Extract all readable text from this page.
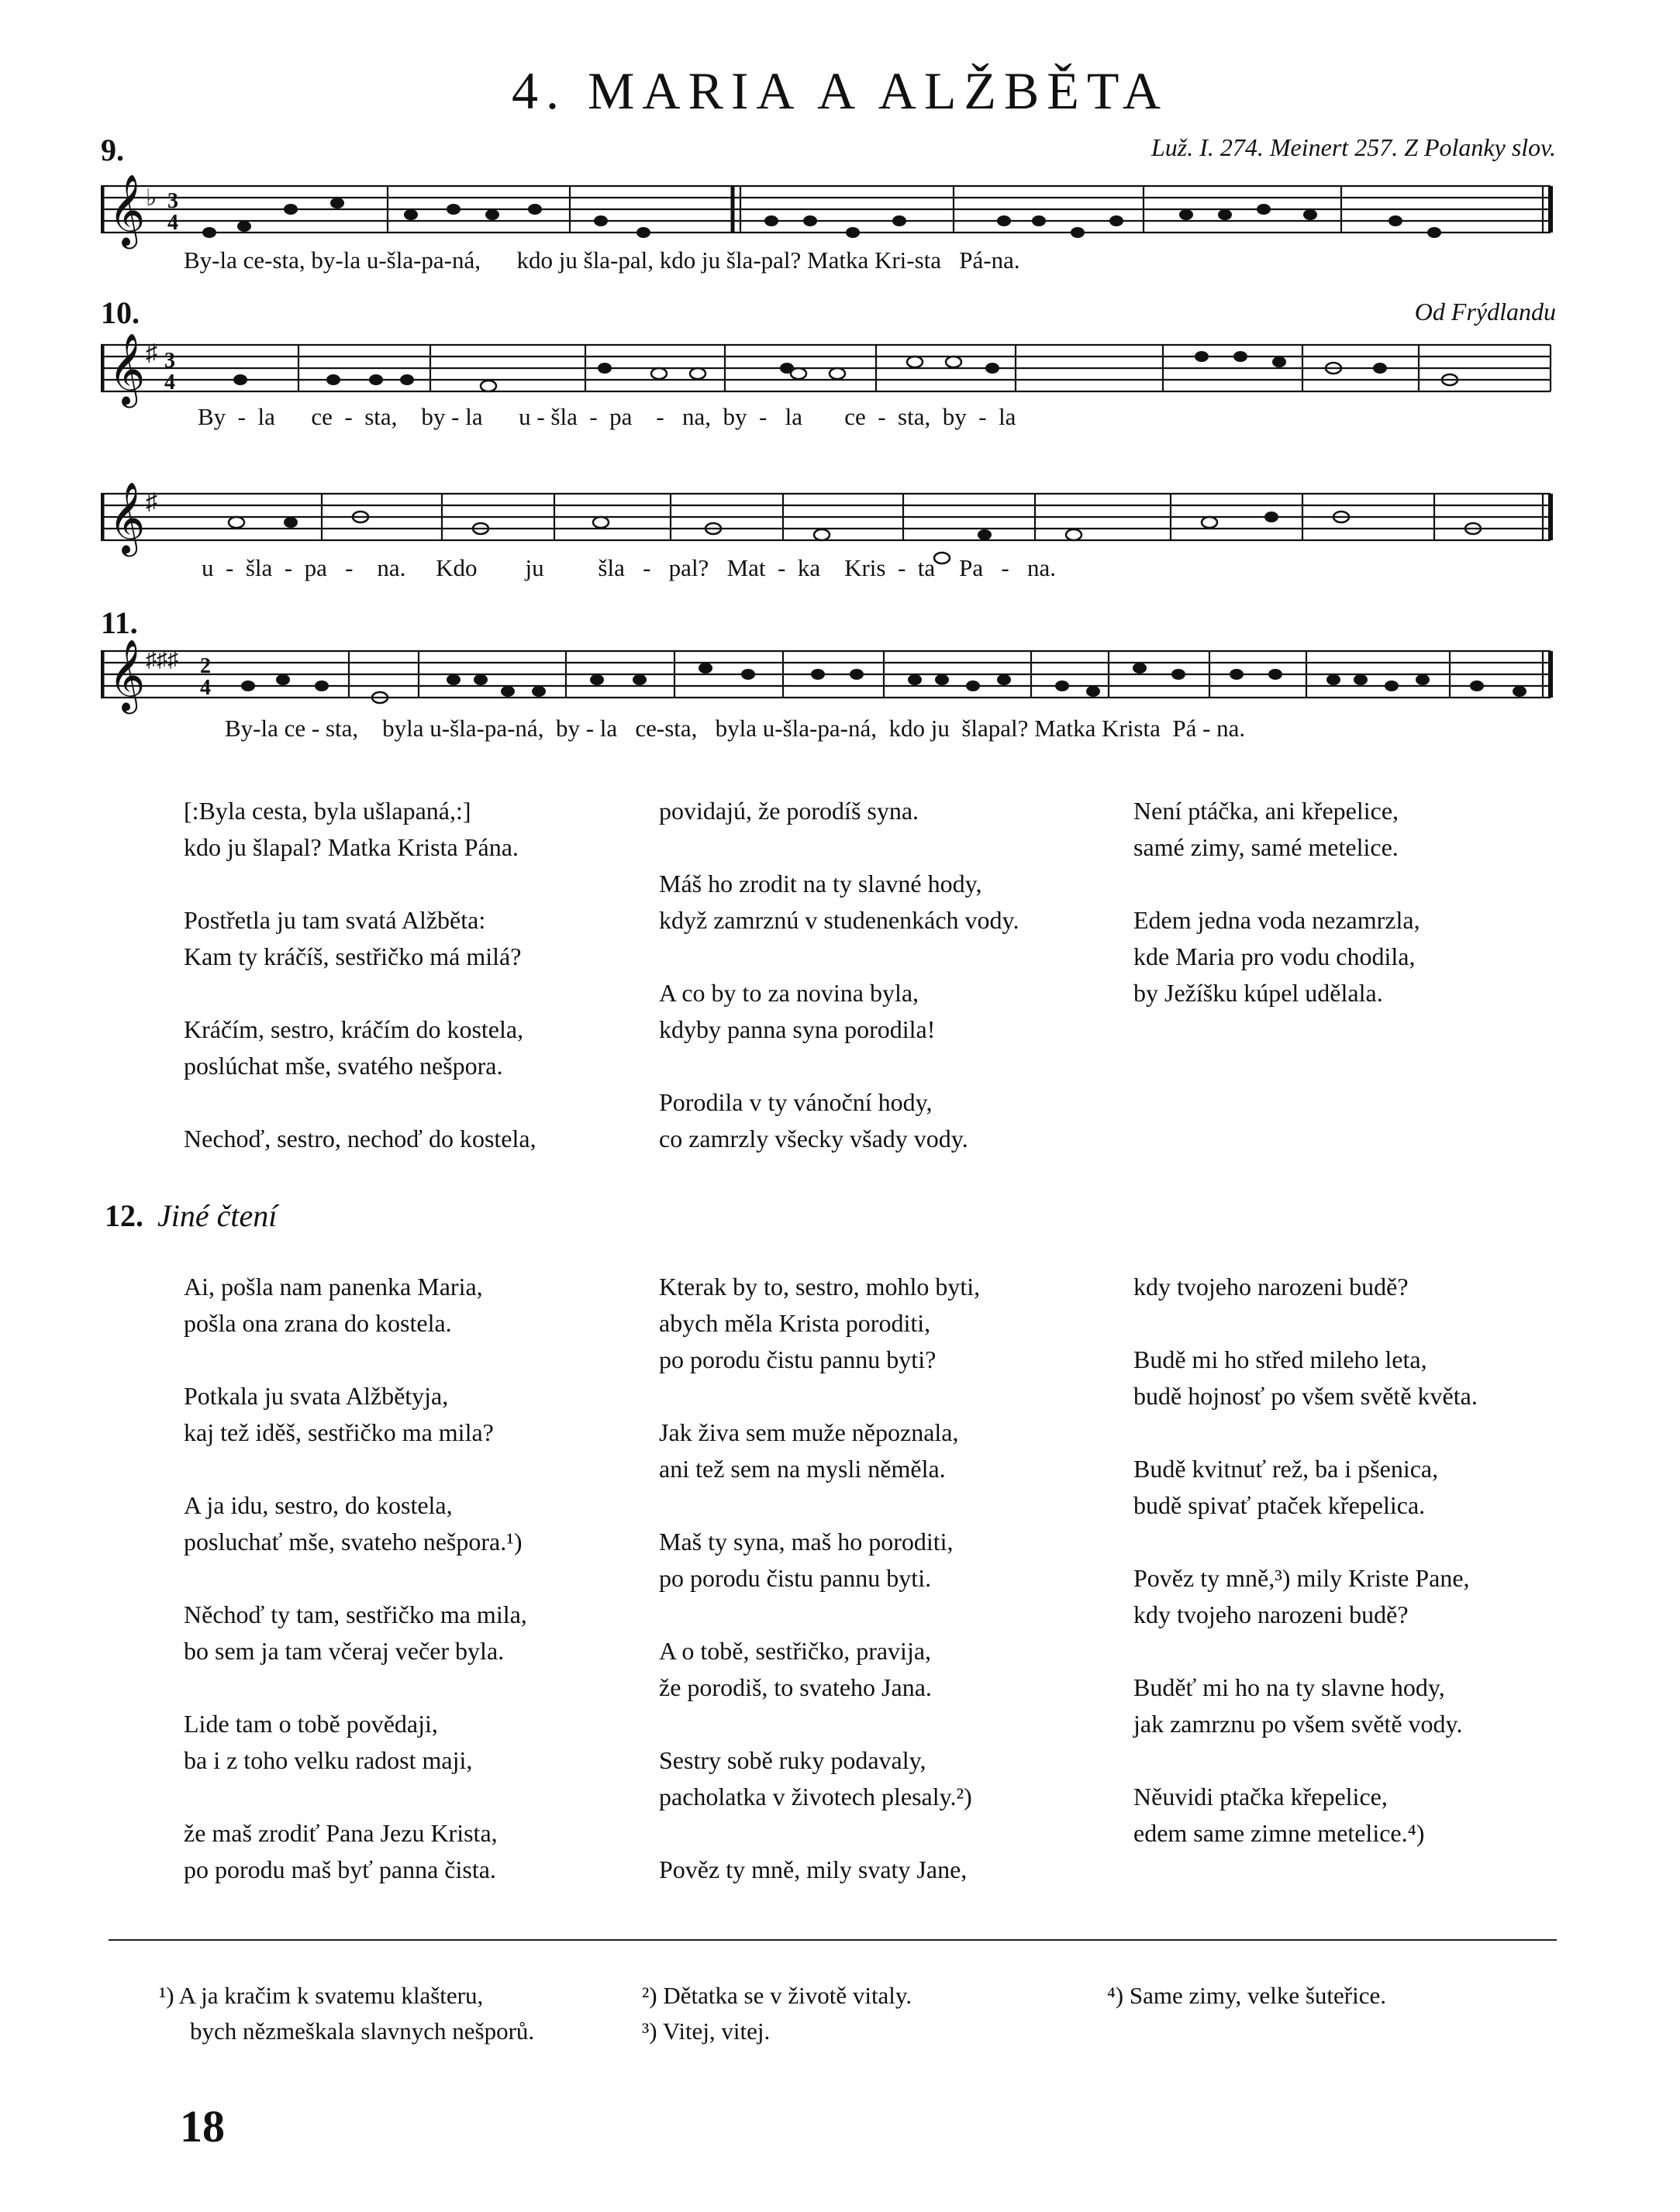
4. MARIA A ALŽBĚTA
9.	Luž. I. 274. Meinert 257. Z Polanky slov.
𝄞 ♭ 3
4
By-la ce-sta, by-la u-šla-pa-ná,      kdo ju šla-pal, kdo ju šla-pal? Matka Kri-sta   Pá-na.
10.	Od Frýdlandu
𝄞 ♯ 3
4
By  -  la      ce  -  sta,    by - la      u - šla  -  pa    -   na,  by  -   la       ce  -  sta,  by  -  la
𝄞 ♯
u  -  šla  -  pa   -    na.     Kdo        ju         šla   -   pal?   Mat  -  ka    Kris  -  ta    Pa   -   na.
11.
𝄞 ♯♯♯ 2
4
By-la ce - sta,    byla u-šla-pa-ná,  by - la   ce-sta,   byla u-šla-pa-ná,  kdo ju  šlapal? Matka Krista  Pá - na.

[:Byla cesta, byla ušlapaná,:]
kdo ju šlapal? Matka Krista Pána.

Postřetla ju tam svatá Alžběta:
Kam ty kráčíš, sestřičko má milá?

Kráčím, sestro, kráčím do kostela,
poslúchat mše, svatého nešpora.

Nechoď, sestro, nechoď do kostela,

povidajú, že porodíš syna.

Máš ho zrodit na ty slavné hody,
když zamrznú v studenenkách vody.

A co by to za novina byla,
kdyby panna syna porodila!

Porodila v ty vánoční hody,
co zamrzly všecky všady vody.

Není ptáčka, ani křepelice,
samé zimy, samé metelice.

Edem jedna voda nezamrzla,
kde Maria pro vodu chodila,
by Ježíšku kúpel udělala.

12. Jiné čtení

Ai, pošla nam panenka Maria,
pošla ona zrana do kostela.

Potkala ju svata Alžbětyja,
kaj tež iděš, sestřičko ma mila?

A ja idu, sestro, do kostela,
posluchať mše, svateho nešpora.¹)

Něchoď ty tam, sestřičko ma mila,
bo sem ja tam včeraj večer byla.

Lide tam o tobě povědaji,
ba i z toho velku radost maji,

že maš zrodiť Pana Jezu Krista,
po porodu maš byť panna čista.

Kterak by to, sestro, mohlo byti,
abych měla Krista poroditi,
po porodu čistu pannu byti?

Jak živa sem muže něpoznala,
ani tež sem na mysli něměla.

Maš ty syna, maš ho poroditi,
po porodu čistu pannu byti.

A o tobě, sestřičko, pravija,
že porodiš, to svateho Jana.

Sestry sobě ruky podavaly,
pacholatka v životech plesaly.²)

Pověz ty mně, mily svaty Jane,

kdy tvojeho narozeni budě?

Budě mi ho střed mileho leta,
budě hojnosť po všem světě květa.

Budě kvitnuť rež, ba i pšenica,
budě spivať ptaček křepelica.

Pověz ty mně,³) mily Kriste Pane,
kdy tvojeho narozeni budě?

Buděť mi ho na ty slavne hody,
jak zamrznu po všem světě vody.

Něuvidi ptačka křepelice,
edem same zimne metelice.⁴)

¹) A ja kračim k svatemu klašteru,
bych nězmeškala slavnych nešporů.
²) Dětatka se v životě vitaly.
³) Vitej, vitej.
⁴) Same zimy, velke šuteřice.
18
